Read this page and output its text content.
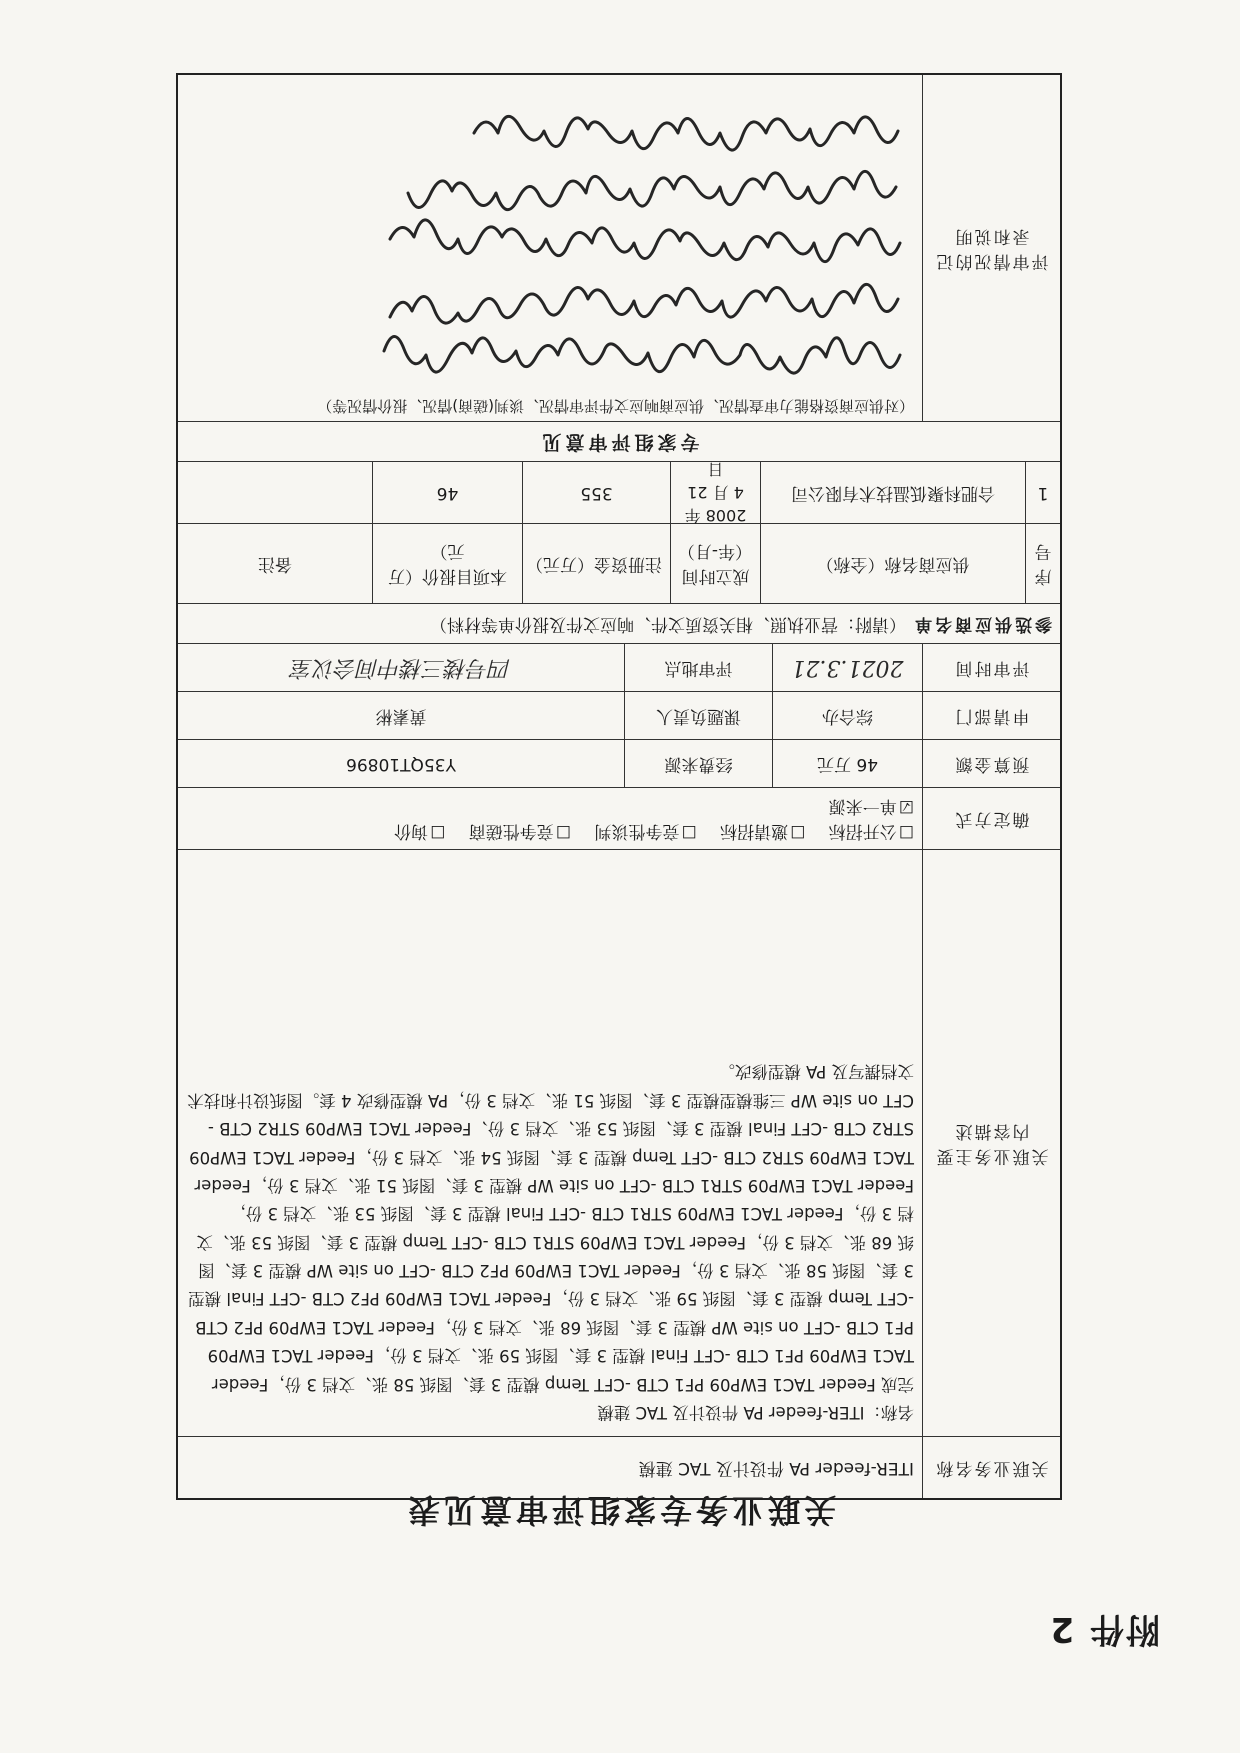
附件 2
关联业务专家组评审意见表
关联业务名称
ITER-feeder PA 件设计及 TAC 建模
关联业务主要内容描述
名称：ITER-feeder PA 件设计及 TAC 建模
完成 Feeder TAC1 EWP09 PF1 CTB -CFT Temp 模型 3 套、图纸 58 张、文档 3 份，Feeder TAC1 EWP09 PF1 CTB -CFT Final 模型 3 套、图纸 59 张、文档 3 份，Feeder TAC1 EWP09 PF1 CTB -CFT on site WP 模型 3 套、图纸 68 张、文档 3 份，Feeder TAC1 EWP09 PF2 CTB -CFT Temp 模型 3 套、图纸 59 张、文档 3 份，Feeder TAC1 EWP09 PF2 CTB -CFT Final 模型 3 套、图纸 58 张、文档 3 份，Feeder TAC1 EWP09 PF2 CTB -CFT on site WP 模型 3 套、图纸 68 张、文档 3 份，Feeder TAC1 EWP09 STR1 CTB -CFT Temp 模型 3 套、图纸 53 张、文档 3 份，Feeder TAC1 EWP09 STR1 CTB -CFT Final 模型 3 套、图纸 53 张、文档 3 份，Feeder TAC1 EWP09 STR1 CTB -CFT on site WP 模型 3 套、图纸 51 张、文档 3 份，Feeder TAC1 EWP09 STR2 CTB -CFT Temp 模型 3 套、图纸 54 张、文档 3 份，Feeder TAC1 EWP09 STR2 CTB -CFT Final 模型 3 套、图纸 53 张、文档 3 份、Feeder TAC1 EWP09 STR2 CTB -CFT on site WP 三维模型模型 3 套、图纸 51 张、文档 3 份，PA 模型修改 4 套。图纸设计和技术文档撰写及 PA 模型修改。
确定方式
☐公开招标 ☐邀请招标 ☐竞争性谈判 ☐竞争性磋商 ☐询价
☑单一来源
预算金额
46 万元
经费来源
Y35QT10896
申请部门
综合办
课题负责人
黄素彬
评审时间
2021.3.21
评审地点
四号楼三楼中间会议室
参选供应商名单
（请附：营业执照、相关资质文件、响应文件及报价单等材料）
序号
供应商名称（全称）
成立时间（年-月）
注册资金（万元）
本项目报价（万元）
备注
1
合肥科聚低温技术有限公司
2008 年 4 月 21 日
355
46
专家组评审意见
评审情况的记录和说明
（对供应商资格能力审查情况、供应商响应文件评审情况、谈判(磋商)情况、报价情况等）
